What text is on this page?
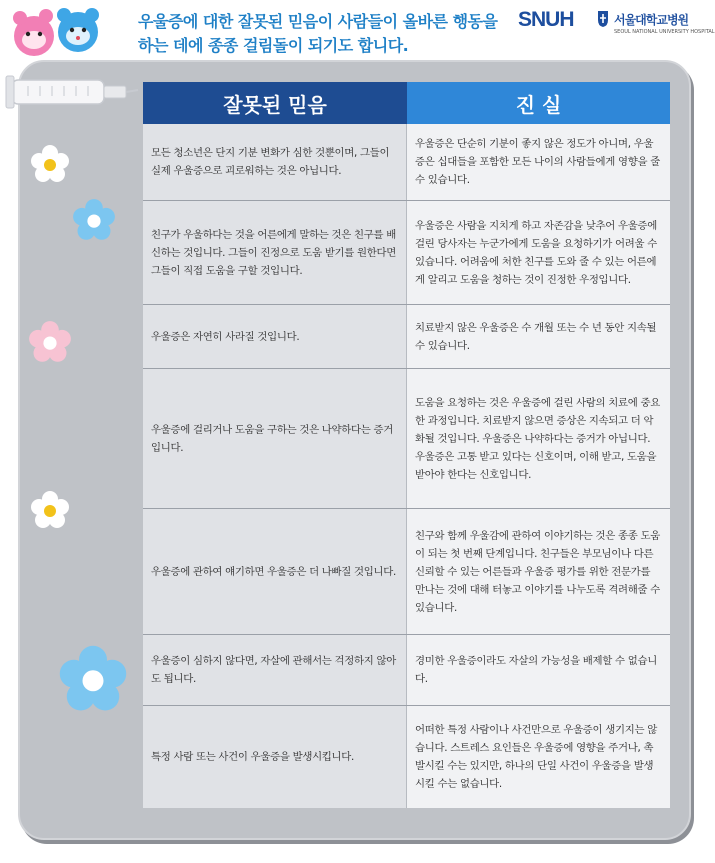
우울증에 대한 잘못된 믿음이 사람들이 올바른 행동을
하는 데에 종종 걸림돌이 되기도 합니다.
SNUH	서울대학교병원
SEOUL NATIONAL UNIVERSITY HOSPITAL
잘못된 믿음	진 실
모든 청소년은 단지 기분 변화가 심한 것뿐이며, 그들이 실제 우울증으로 괴로워하는 것은 아닙니다.
우울증은 단순히 기분이 좋지 않은 정도가 아니며, 우울증은 십대들을 포함한 모든 나이의 사람들에게 영향을 줄 수 있습니다.
친구가 우울하다는 것을 어른에게 말하는 것은 친구를 배신하는 것입니다. 그들이 진정으로 도움 받기를 원한다면 그들이 직접 도움을 구할 것입니다.
우울증은 사람을 지치게 하고 자존감을 낮추어 우울증에 걸린 당사자는 누군가에게 도움을 요청하기가 어려울 수 있습니다. 어려움에 처한 친구를 도와 줄 수 있는 어른에게 알리고 도움을 청하는 것이 진정한 우정입니다.
우울증은 자연히 사라질 것입니다.
치료받지 않은 우울증은 수 개월 또는 수 년 동안 지속될 수 있습니다.
우울증에 걸리거나 도움을 구하는 것은 나약하다는 증거입니다.
도움을 요청하는 것은 우울증에 걸린 사람의 치료에 중요한 과정입니다. 치료받지 않으면 증상은 지속되고 더 악화될 것입니다. 우울증은 나약하다는 증거가 아닙니다. 우울증은 고통 받고 있다는 신호이며, 이해 받고, 도움을 받아야 한다는 신호입니다.
우울증에 관하여 얘기하면 우울증은 더 나빠질 것입니다.
친구와 함께 우울감에 관하여 이야기하는 것은 종종 도움이 되는 첫 번째 단계입니다. 친구들은 부모님이나 다른 신뢰할 수 있는 어른들과 우울증 평가를 위한 전문가를 만나는 것에 대해 터놓고 이야기를 나누도록 격려해줄 수 있습니다.
우울증이 심하지 않다면, 자살에 관해서는 걱정하지 않아도 됩니다.
경미한 우울증이라도 자살의 가능성을 배제할 수 없습니다.
특정 사람 또는 사건이 우울증을 발생시킵니다.
어떠한 특정 사람이나 사건만으로 우울증이 생기지는 않습니다. 스트레스 요인들은 우울증에 영향을 주거나, 촉발시킬 수는 있지만, 하나의 단일 사건이 우울증을 발생시킬 수는 없습니다.
